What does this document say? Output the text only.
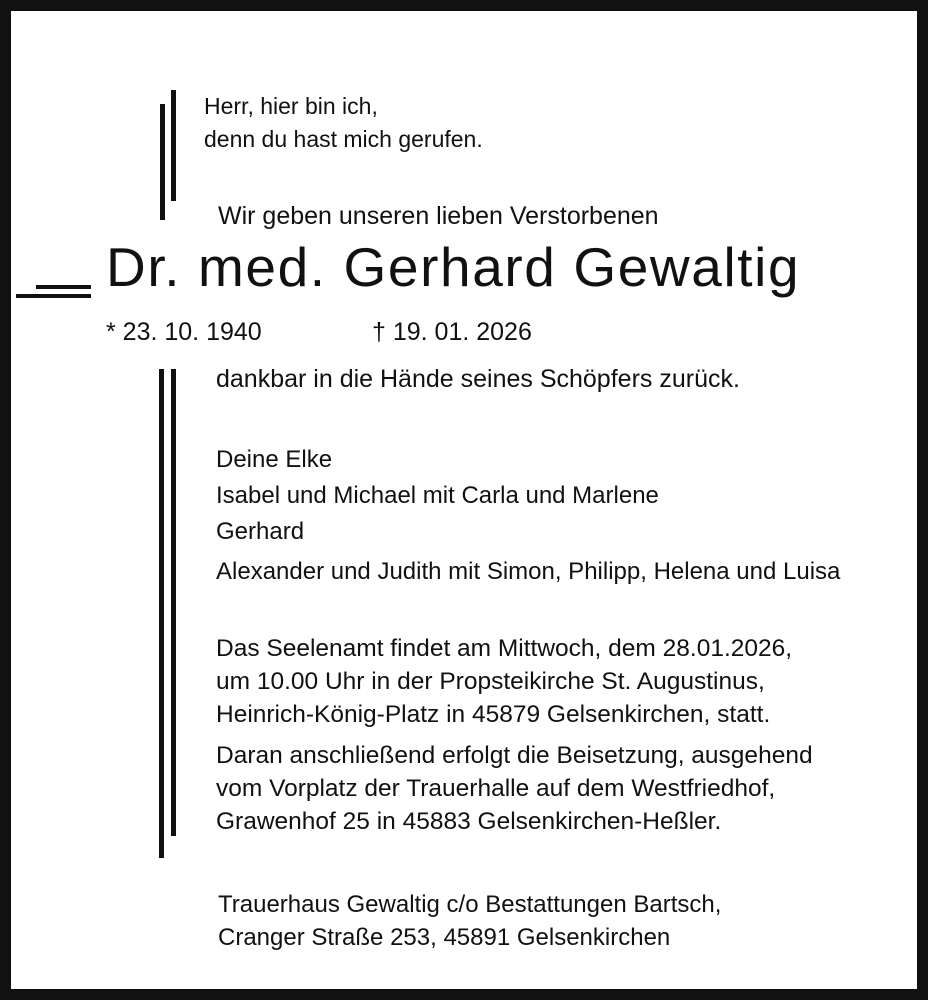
Herr, hier bin ich,
denn du hast mich gerufen.
Wir geben unseren lieben Verstorbenen
Dr. med. Gerhard Gewaltig
* 23. 10. 1940	† 19. 01. 2026
dankbar in die Hände seines Schöpfers zurück.
Deine Elke
Isabel und Michael mit Carla und Marlene
Gerhard
Alexander und Judith mit Simon, Philipp, Helena und Luisa
Das Seelenamt findet am Mittwoch, dem 28.01.2026,
um 10.00 Uhr in der Propsteikirche St. Augustinus,
Heinrich-König-Platz in 45879 Gelsenkirchen, statt.
Daran anschließend erfolgt die Beisetzung, ausgehend
vom Vorplatz der Trauerhalle auf dem Westfriedhof,
Grawenhof 25 in 45883 Gelsenkirchen-Heßler.
Trauerhaus Gewaltig c/o Bestattungen Bartsch,
Cranger Straße 253, 45891 Gelsenkirchen
